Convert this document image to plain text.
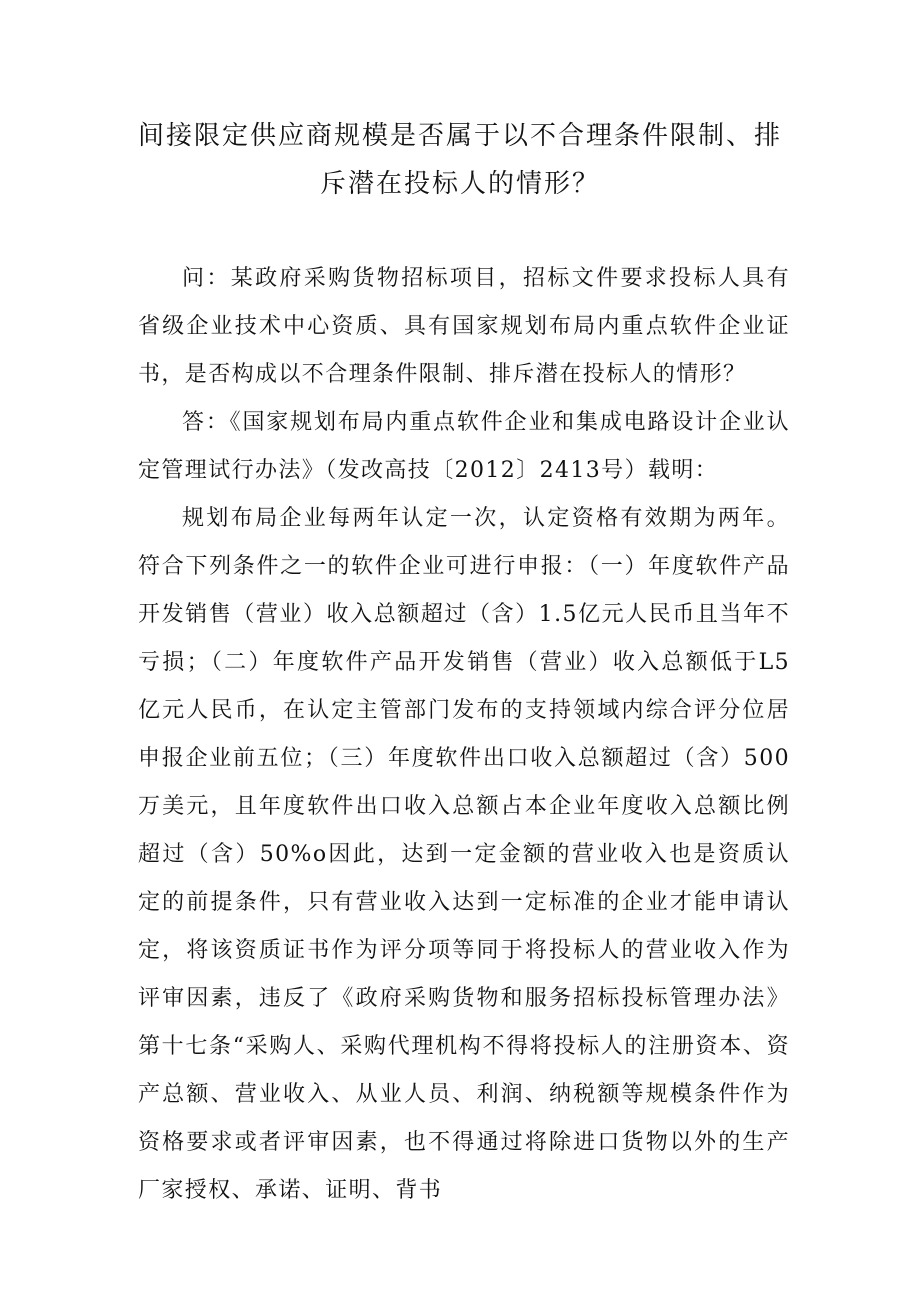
间接限定供应商规模是否属于以不合理条件限制、排
斥潜在投标人的情形？

问：某政府采购货物招标项目，招标文件要求投标人具有省级企业技术中心资质、具有国家规划布局内重点软件企业证书，是否构成以不合理条件限制、排斥潜在投标人的情形？

答：《国家规划布局内重点软件企业和集成电路设计企业认定管理试行办法》（发改高技〔2012〕2413号）载明：

规划布局企业每两年认定一次，认定资格有效期为两年。符合下列条件之一的软件企业可进行申报：（一）年度软件产品开发销售（营业）收入总额超过（含）1.5亿元人民币且当年不亏损；（二）年度软件产品开发销售（营业）收入总额低于L5亿元人民币，在认定主管部门发布的支持领域内综合评分位居申报企业前五位；（三）年度软件出口收入总额超过（含）500万美元，且年度软件出口收入总额占本企业年度收入总额比例超过（含）50%o因此，达到一定金额的营业收入也是资质认定的前提条件，只有营业收入达到一定标准的企业才能申请认定，将该资质证书作为评分项等同于将投标人的营业收入作为评审因素，违反了《政府采购货物和服务招标投标管理办法》第十七条“采购人、采购代理机构不得将投标人的注册资本、资产总额、营业收入、从业人员、利润、纳税额等规模条件作为资格要求或者评审因素，也不得通过将除进口货物以外的生产厂家授权、承诺、证明、背书
